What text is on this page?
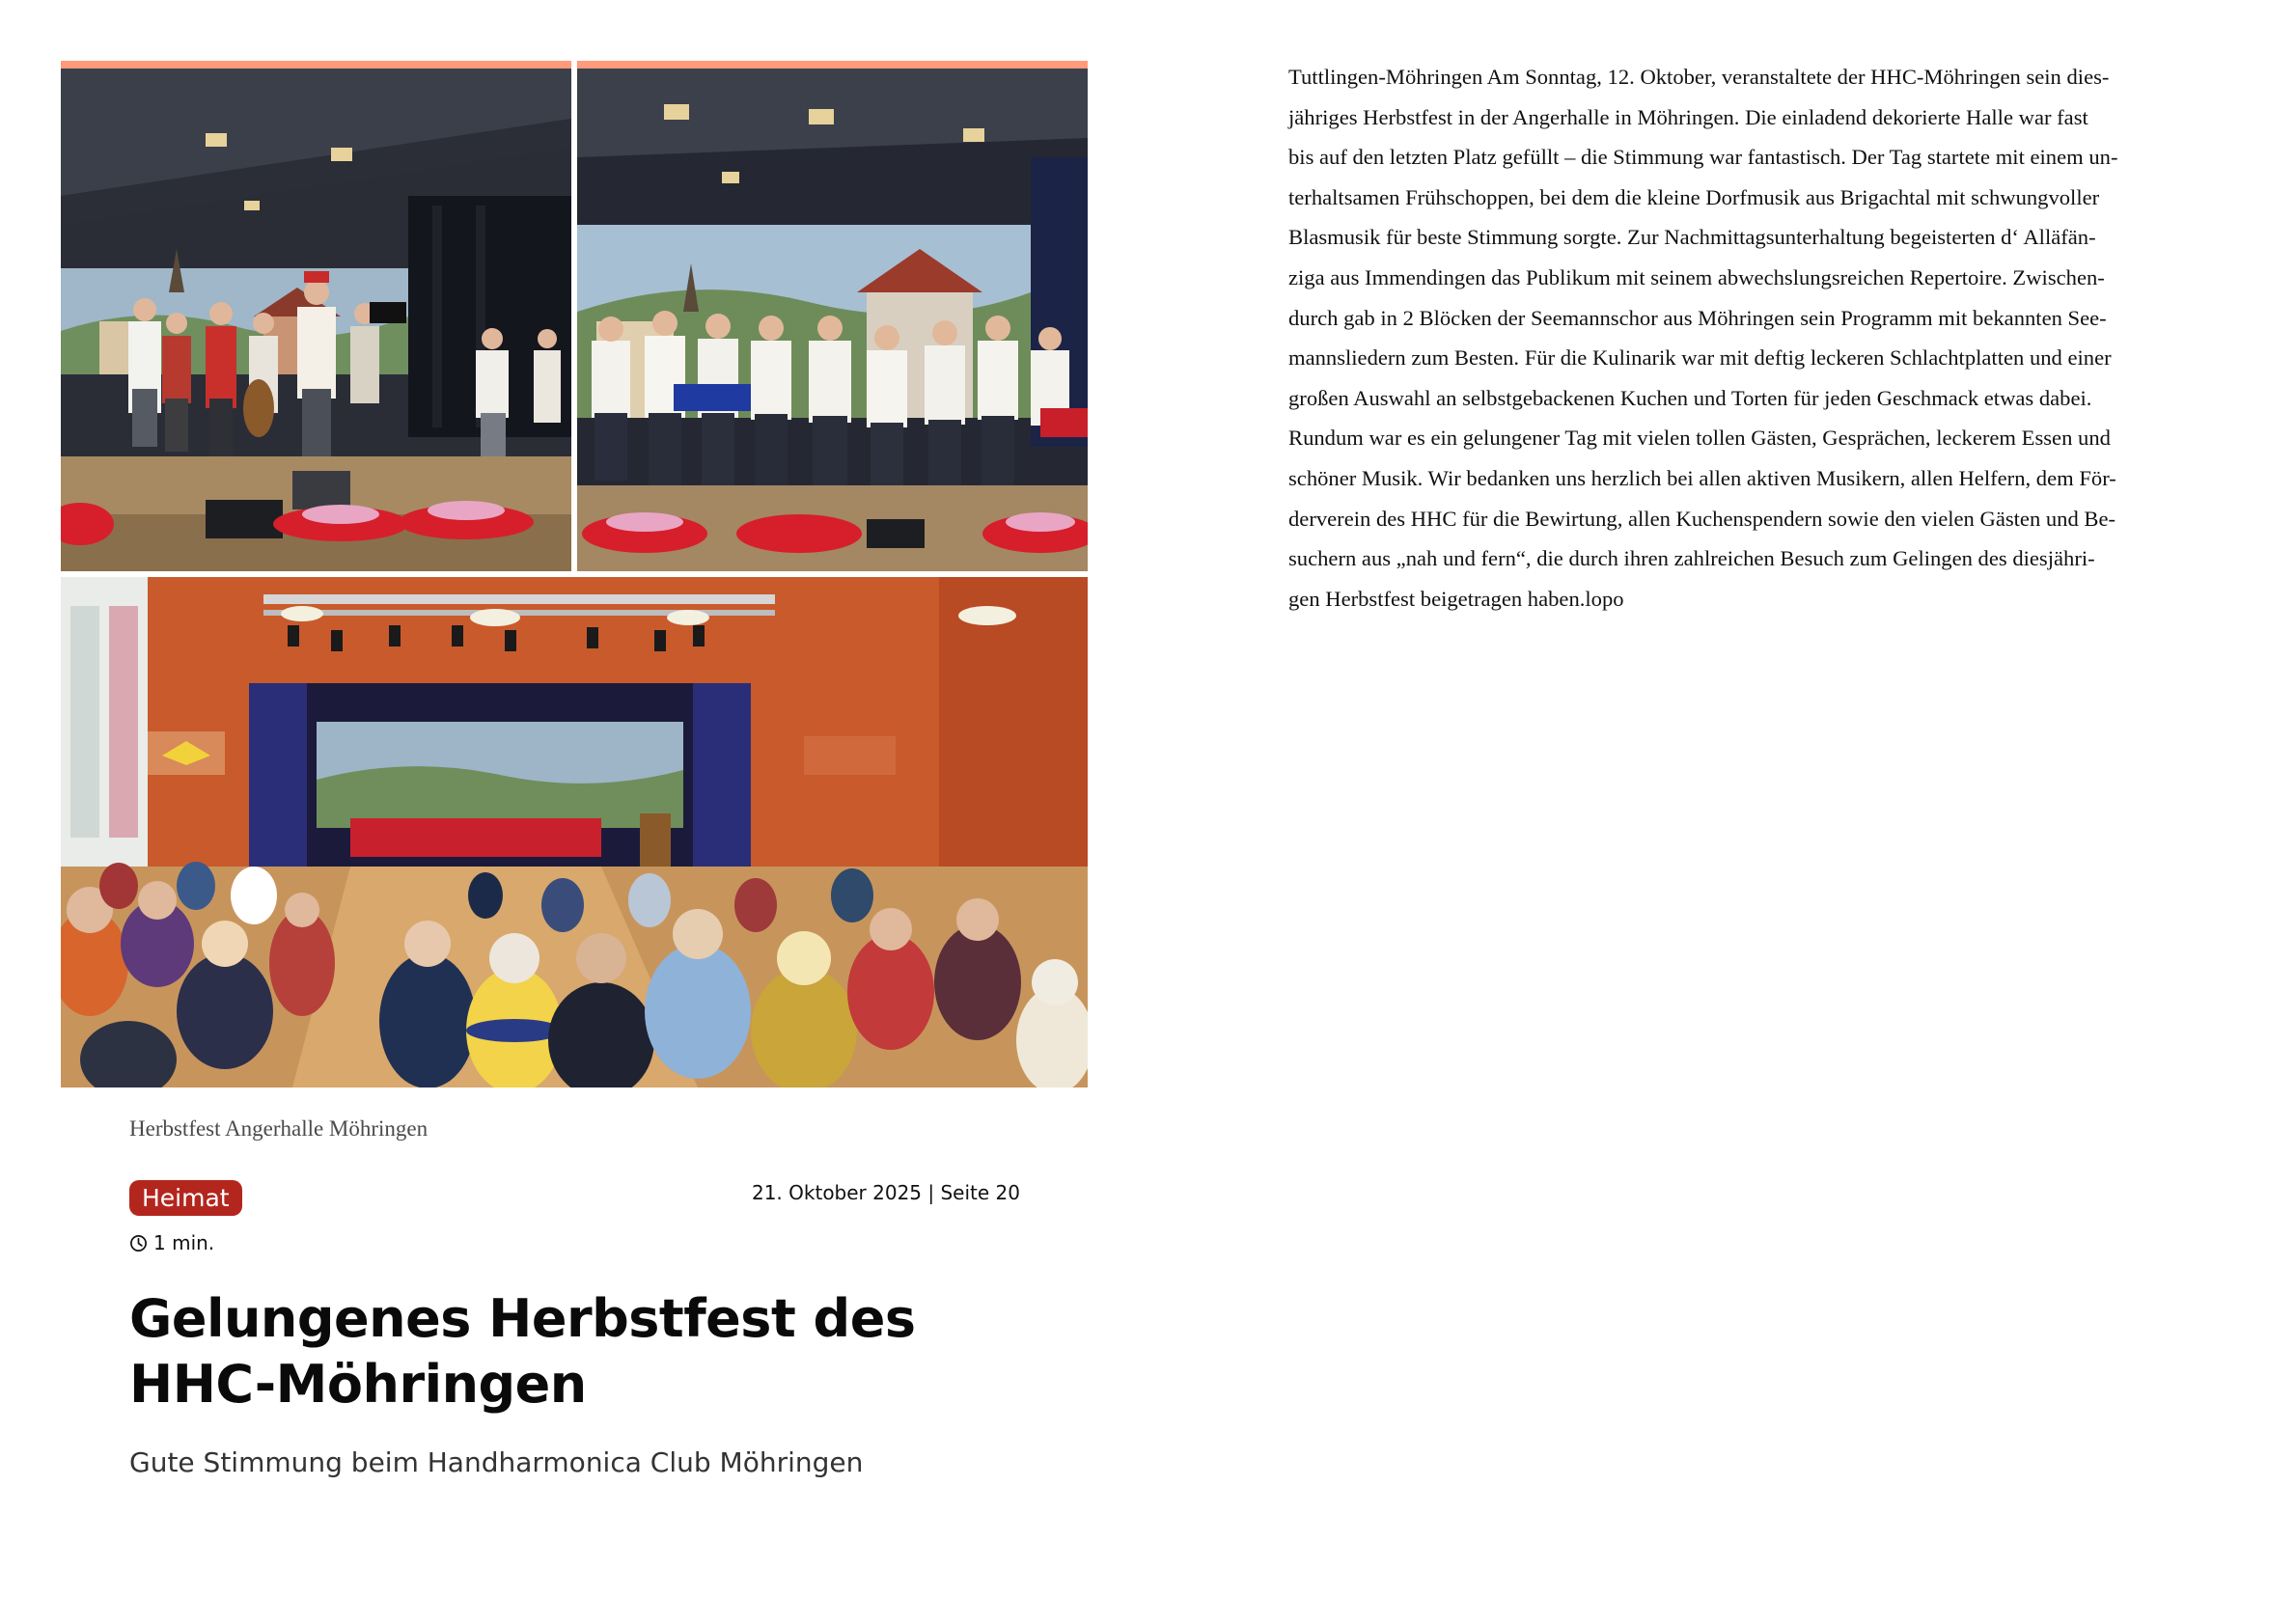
Herbstfest Angerhalle Möhringen
Heimat	21. Oktober 2025 | Seite 20
1 min.
Gelungenes Herbstfest des HHC-Möhringen
Gute Stimmung beim Handharmonica Club Möhringen
Tuttlingen-Möhringen Am Sonntag, 12. Oktober, veranstaltete der HHC-Möhringen sein dies-
jähriges Herbstfest in der Angerhalle in Möhringen. Die einladend dekorierte Halle war fast
bis auf den letzten Platz gefüllt – die Stimmung war fantastisch. Der Tag startete mit einem un-
terhaltsamen Frühschoppen, bei dem die kleine Dorfmusik aus Brigachtal mit schwungvoller
Blasmusik für beste Stimmung sorgte. Zur Nachmittagsunterhaltung begeisterten d‘ Alläfän-
ziga aus Immendingen das Publikum mit seinem abwechslungsreichen Repertoire. Zwischen-
durch gab in 2 Blöcken der Seemannschor aus Möhringen sein Programm mit bekannten See-
mannsliedern zum Besten. Für die Kulinarik war mit deftig leckeren Schlachtplatten und einer
großen Auswahl an selbstgebackenen Kuchen und Torten für jeden Geschmack etwas dabei.
Rundum war es ein gelungener Tag mit vielen tollen Gästen, Gesprächen, leckerem Essen und
schöner Musik. Wir bedanken uns herzlich bei allen aktiven Musikern, allen Helfern, dem För-
derverein des HHC für die Bewirtung, allen Kuchenspendern sowie den vielen Gästen und Be-
suchern aus „nah und fern“, die durch ihren zahlreichen Besuch zum Gelingen des diesjähri-
gen Herbstfest beigetragen haben.lopo
